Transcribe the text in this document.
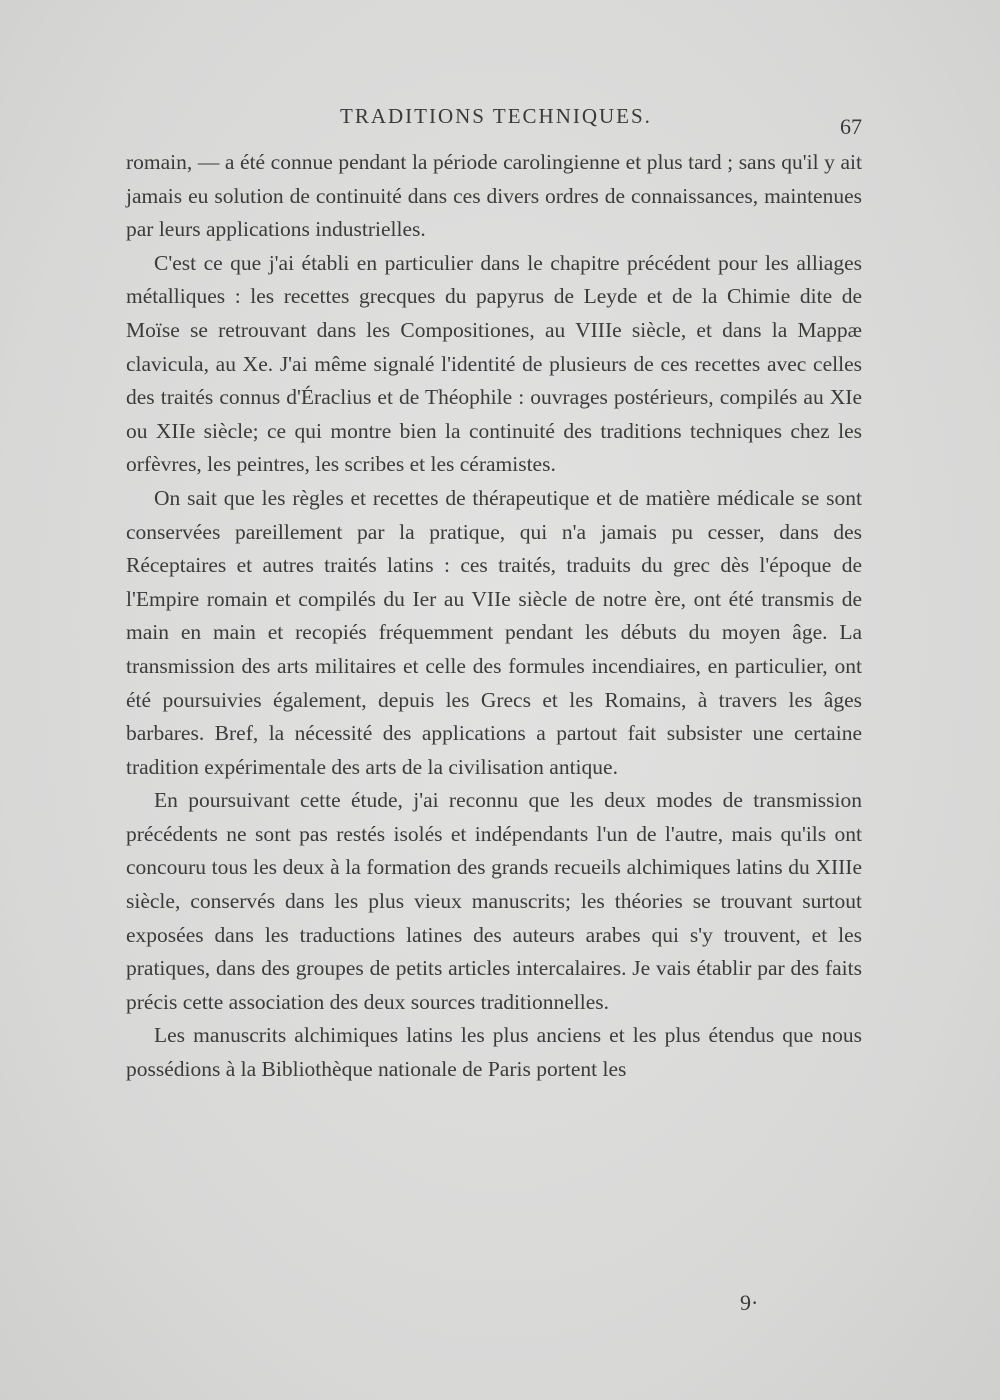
TRADITIONS TECHNIQUES.	67

romain, — a été connue pendant la période carolingienne et plus tard ; sans qu'il y ait jamais eu solution de continuité dans ces divers ordres de connaissances, maintenues par leurs applications industrielles.

C'est ce que j'ai établi en particulier dans le chapitre précédent pour les alliages métalliques : les recettes grecques du papyrus de Leyde et de la Chimie dite de Moïse se retrouvant dans les Compositiones, au VIIIe siècle, et dans la Mappæ clavicula, au Xe. J'ai même signalé l'identité de plusieurs de ces recettes avec celles des traités connus d'Éraclius et de Théophile : ouvrages postérieurs, compilés au XIe ou XIIe siècle; ce qui montre bien la continuité des traditions techniques chez les orfèvres, les peintres, les scribes et les céramistes.

On sait que les règles et recettes de thérapeutique et de matière médicale se sont conservées pareillement par la pratique, qui n'a jamais pu cesser, dans des Réceptaires et autres traités latins : ces traités, traduits du grec dès l'époque de l'Empire romain et compilés du Ier au VIIe siècle de notre ère, ont été transmis de main en main et recopiés fréquemment pendant les débuts du moyen âge. La transmission des arts militaires et celle des formules incendiaires, en particulier, ont été poursuivies également, depuis les Grecs et les Romains, à travers les âges barbares. Bref, la nécessité des applications a partout fait subsister une certaine tradition expérimentale des arts de la civilisation antique.

En poursuivant cette étude, j'ai reconnu que les deux modes de transmission précédents ne sont pas restés isolés et indépendants l'un de l'autre, mais qu'ils ont concouru tous les deux à la formation des grands recueils alchimiques latins du XIIIe siècle, conservés dans les plus vieux manuscrits; les théories se trouvant surtout exposées dans les traductions latines des auteurs arabes qui s'y trouvent, et les pratiques, dans des groupes de petits articles intercalaires. Je vais établir par des faits précis cette association des deux sources traditionnelles.

Les manuscrits alchimiques latins les plus anciens et les plus étendus que nous possédions à la Bibliothèque nationale de Paris portent les

9·
